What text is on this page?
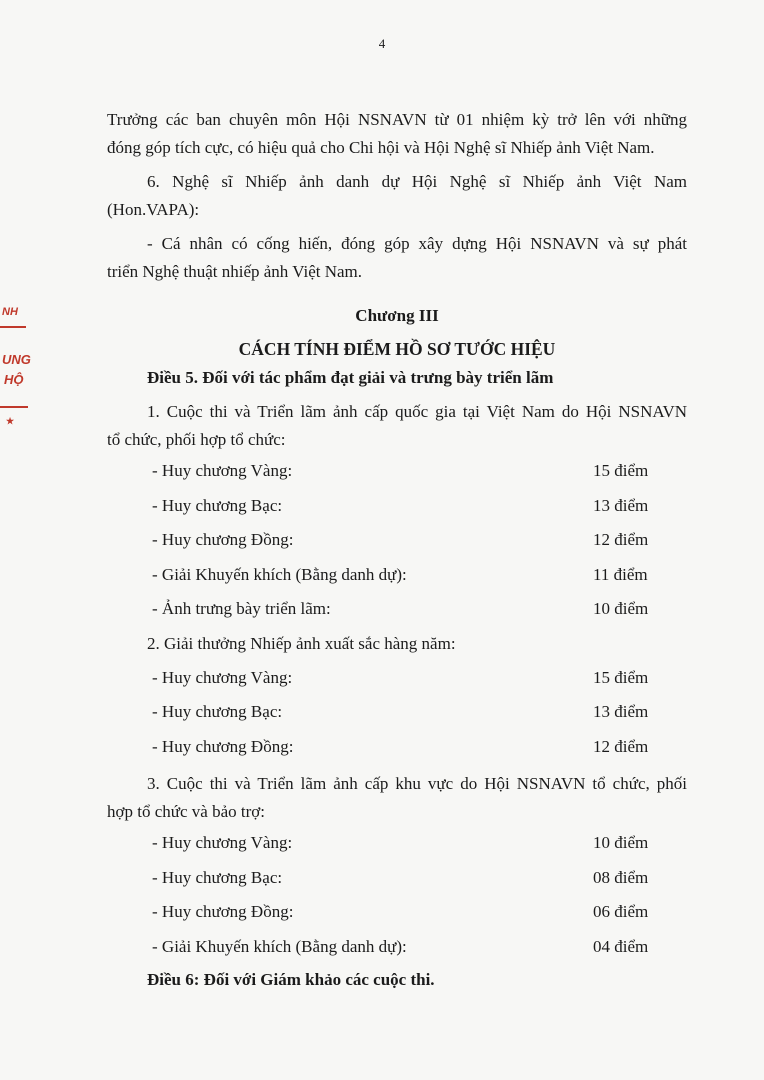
4
NH
UNG
HỘ
★

Trưởng các ban chuyên môn Hội NSNAVN từ 01 nhiệm kỳ trở lên với những

đóng góp tích cực, có hiệu quả cho Chi hội và Hội Nghệ sĩ Nhiếp ảnh Việt Nam.

6. Nghệ sĩ Nhiếp ảnh danh dự Hội Nghệ sĩ Nhiếp ảnh Việt Nam

(Hon.VAPA):

- Cá nhân có cống hiến, đóng góp xây dựng Hội NSNAVN và sự phát

triển Nghệ thuật nhiếp ảnh Việt Nam.

Chương III

CÁCH TÍNH ĐIỂM HỒ SƠ TƯỚC HIỆU

Điều 5. Đối với tác phẩm đạt giải và trưng bày triển lãm

1. Cuộc thi và Triển lãm ảnh cấp quốc gia tại Việt Nam do Hội NSNAVN

tổ chức, phối hợp tổ chức:

- Huy chương Vàng:	15 điểm
- Huy chương Bạc:	13 điểm
- Huy chương Đồng:	12 điểm
- Giải Khuyến khích (Bằng danh dự):	11 điểm
- Ảnh trưng bày triển lãm:	10 điểm

2. Giải thưởng Nhiếp ảnh xuất sắc hàng năm:

- Huy chương Vàng:	15 điểm
- Huy chương Bạc:	13 điểm
- Huy chương Đồng:	12 điểm

3. Cuộc thi và Triển lãm ảnh cấp khu vực do Hội NSNAVN tổ chức, phối

hợp tổ chức và bảo trợ:

- Huy chương Vàng:	10 điểm
- Huy chương Bạc:	08 điểm
- Huy chương Đồng:	06 điểm
- Giải Khuyến khích (Bằng danh dự):	04 điểm

Điều 6: Đối với Giám khảo các cuộc thi.
